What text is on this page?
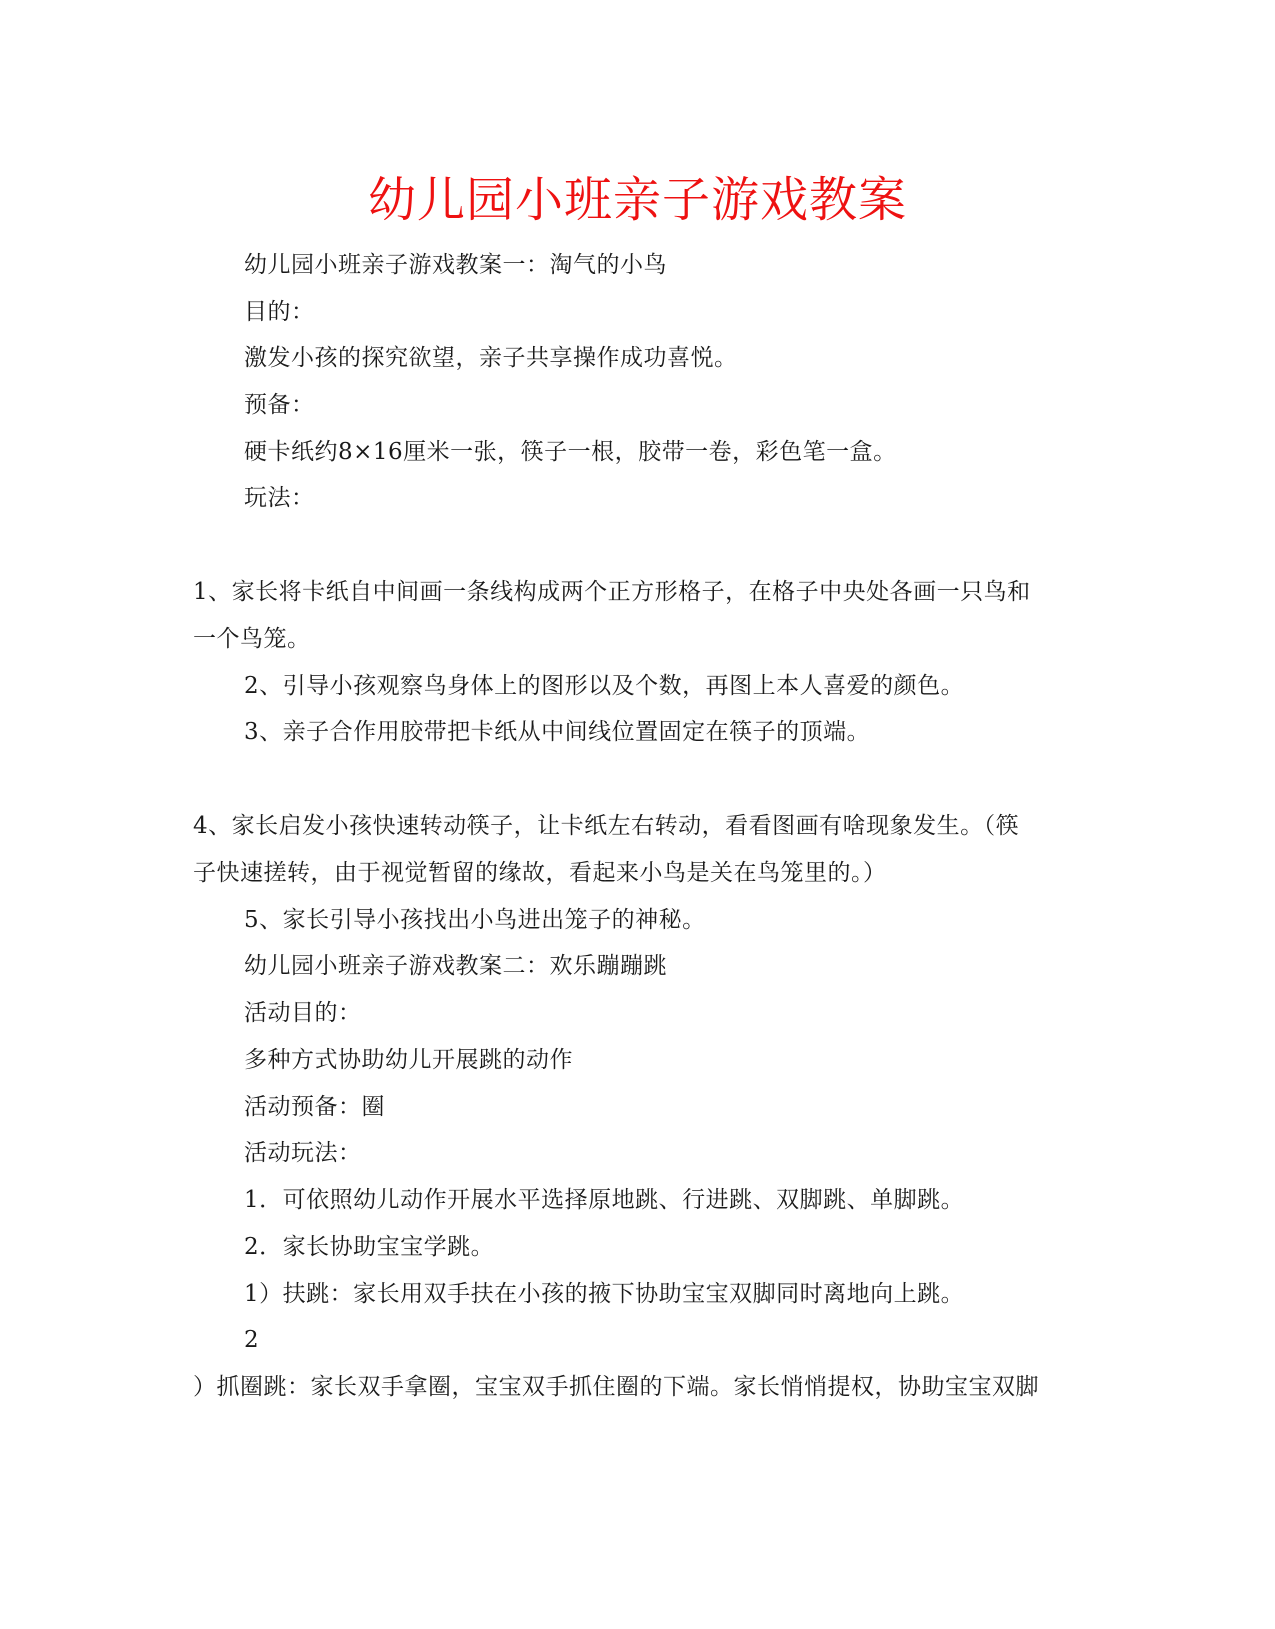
幼儿园小班亲子游戏教案
幼儿园小班亲子游戏教案一：淘气的小鸟
目的：
激发小孩的探究欲望，亲子共享操作成功喜悦。
预备：
硬卡纸约8×16厘米一张，筷子一根，胶带一卷，彩色笔一盒。
玩法：
1、家长将卡纸自中间画一条线构成两个正方形格子，在格子中央处各画一只鸟和
一个鸟笼。
2、引导小孩观察鸟身体上的图形以及个数，再图上本人喜爱的颜色。
3、亲子合作用胶带把卡纸从中间线位置固定在筷子的顶端。
4、家长启发小孩快速转动筷子，让卡纸左右转动，看看图画有啥现象发生。（筷
子快速搓转，由于视觉暂留的缘故，看起来小鸟是关在鸟笼里的。）
5、家长引导小孩找出小鸟进出笼子的神秘。
幼儿园小班亲子游戏教案二：欢乐蹦蹦跳
活动目的：
多种方式协助幼儿开展跳的动作
活动预备：圈
活动玩法：
1．可依照幼儿动作开展水平选择原地跳、行进跳、双脚跳、单脚跳。
2．家长协助宝宝学跳。
1）扶跳：家长用双手扶在小孩的掖下协助宝宝双脚同时离地向上跳。
2
）抓圈跳：家长双手拿圈，宝宝双手抓住圈的下端。家长悄悄提权，协助宝宝双脚
